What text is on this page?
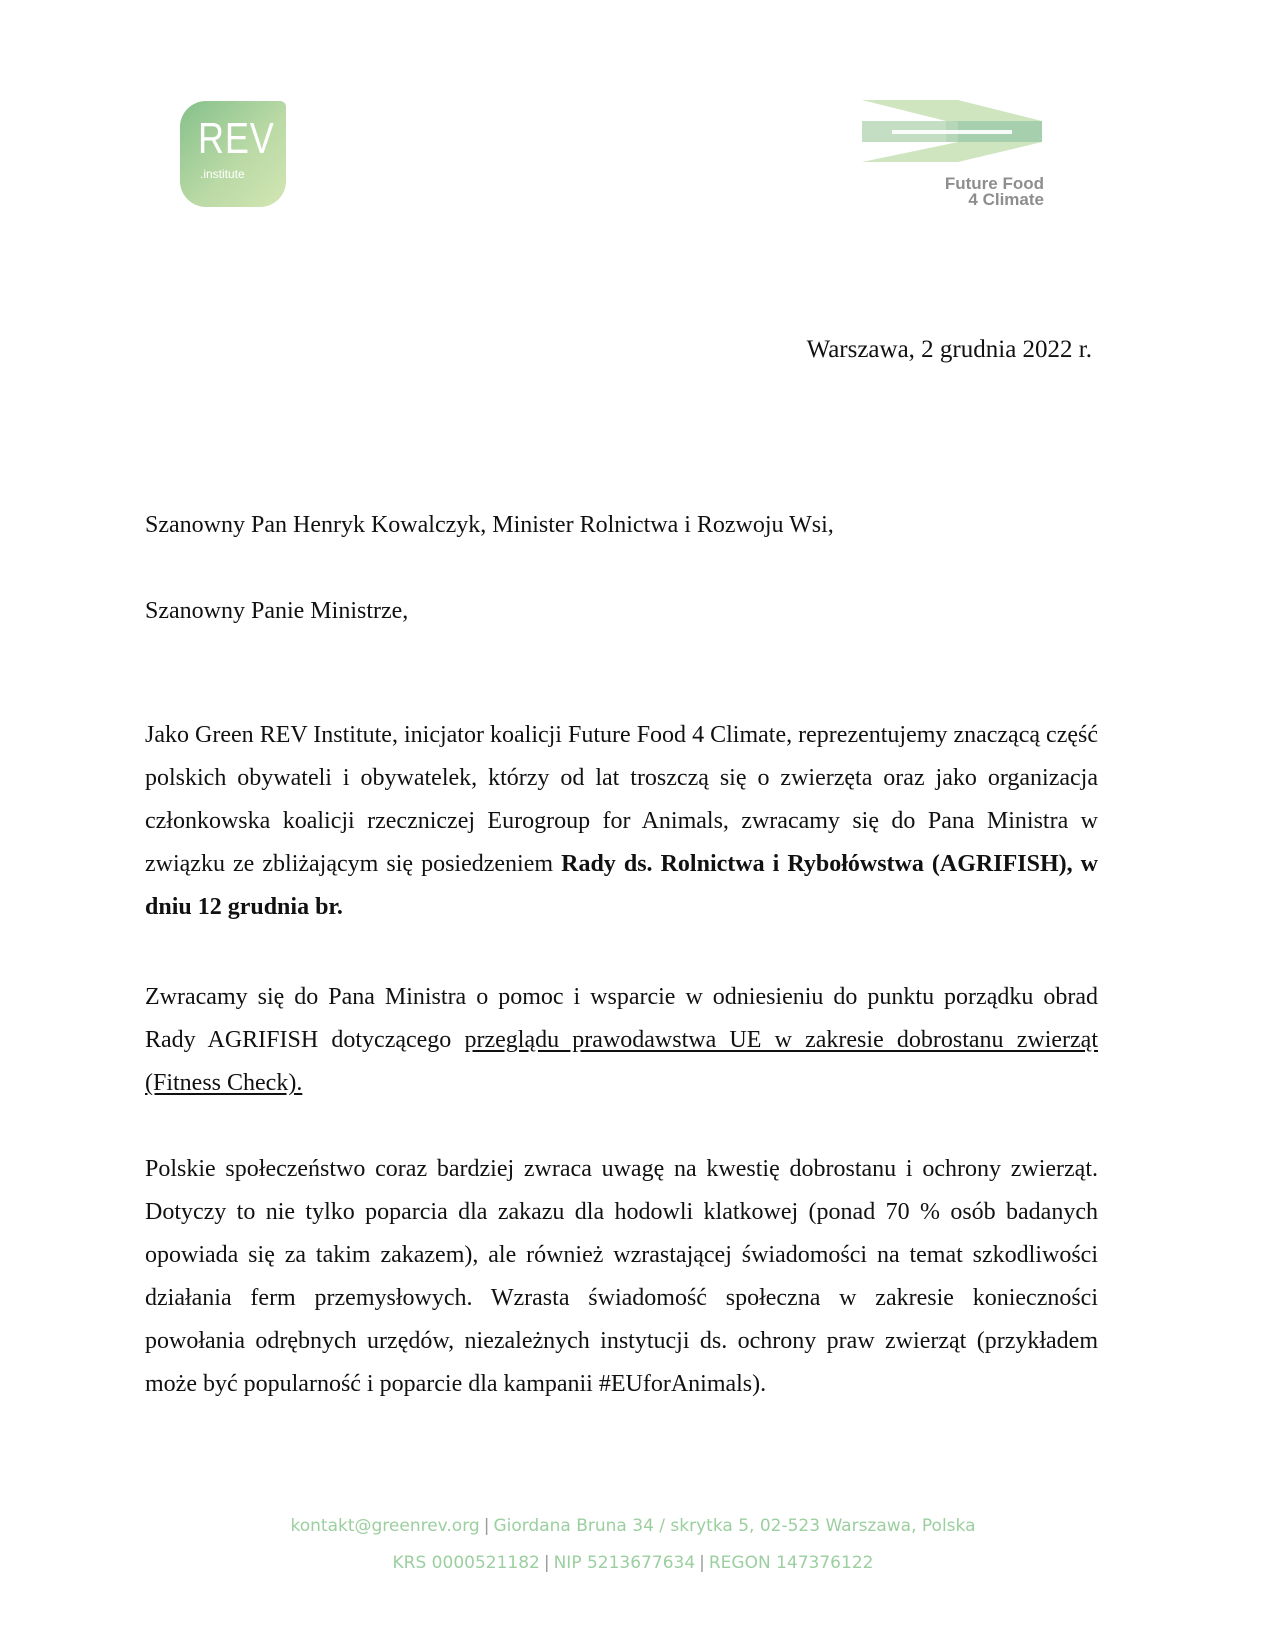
REV
.institute	Future Food
4 Climate
Warszawa, 2 grudnia 2022 r.
Szanowny Pan Henryk Kowalczyk, Minister Rolnictwa i Rozwoju Wsi,
Szanowny Panie Ministrze,
Jako Green REV Institute, inicjator koalicji Future Food 4 Climate, reprezentujemy znaczącą część polskich obywateli i obywatelek, którzy od lat troszczą się o zwierzęta oraz jako organizacja członkowska koalicji rzeczniczej Eurogroup for Animals, zwracamy się do Pana Ministra w związku ze zbliżającym się posiedzeniem Rady ds. Rolnictwa i Rybołówstwa (AGRIFISH), w dniu 12 grudnia br.
Zwracamy się do Pana Ministra o pomoc i wsparcie w odniesieniu do punktu porządku obrad Rady AGRIFISH dotyczącego przeglądu prawodawstwa UE w zakresie dobrostanu zwierząt (Fitness Check).
Polskie społeczeństwo coraz bardziej zwraca uwagę na kwestię dobrostanu i ochrony zwierząt. Dotyczy to nie tylko poparcia dla zakazu dla hodowli klatkowej (ponad 70 % osób badanych opowiada się za takim zakazem), ale również wzrastającej świadomości na temat szkodliwości działania ferm przemysłowych. Wzrasta świadomość społeczna w zakresie konieczności powołania odrębnych urzędów, niezależnych instytucji ds. ochrony praw zwierząt (przykładem może być popularność i poparcie dla kampanii #EUforAnimals).
kontakt@greenrev.org | Giordana Bruna 34 / skrytka 5, 02-523 Warszawa, Polska
KRS 0000521182 | NIP 5213677634 | REGON 147376122
